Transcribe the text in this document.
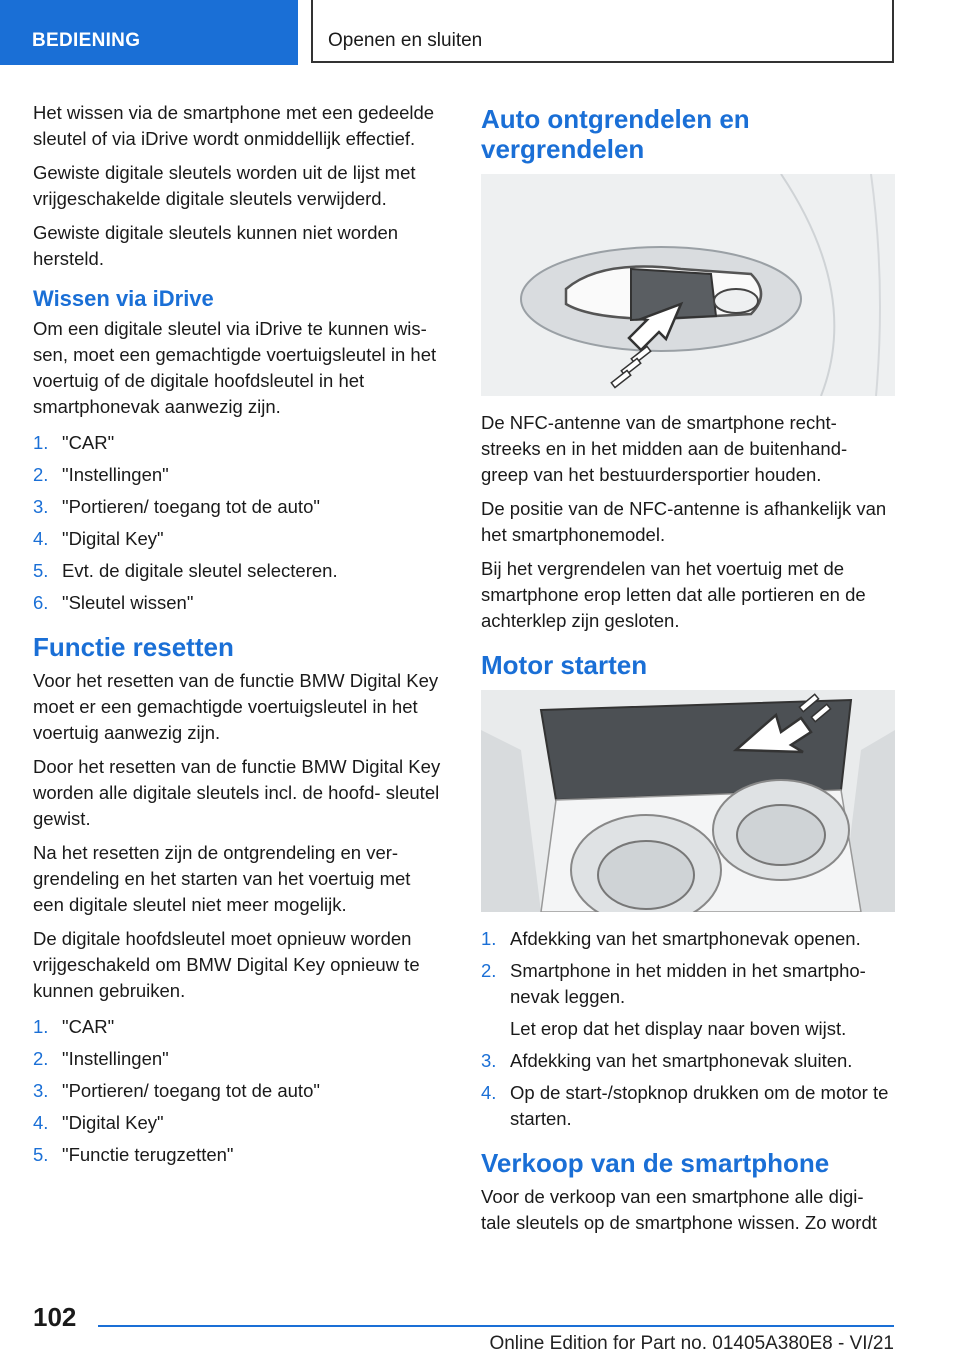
BEDIENING	Openen en sluiten

Het wissen via de smartphone met een gedeelde sleutel of via iDrive wordt onmiddellijk effectief.

Gewiste digitale sleutels worden uit de lijst met vrijgeschakelde digitale sleutels verwijderd.

Gewiste digitale sleutels kunnen niet worden hersteld.

Wissen via iDrive

Om een digitale sleutel via iDrive te kunnen wis- sen, moet een gemachtigde voertuigsleutel in het voertuig of de digitale hoofdsleutel in het smartphonevak aanwezig zijn.

1. "CAR"
2. "Instellingen"
3. "Portieren/ toegang tot de auto"
4. "Digital Key"
5. Evt. de digitale sleutel selecteren.
6. "Sleutel wissen"
Functie resetten

Voor het resetten van de functie BMW Digital Key moet er een gemachtigde voertuigsleutel in het voertuig aanwezig zijn.

Door het resetten van de functie BMW Digital Key worden alle digitale sleutels incl. de hoofd- sleutel gewist.

Na het resetten zijn de ontgrendeling en ver- grendeling en het starten van het voertuig met een digitale sleutel niet meer mogelijk.

De digitale hoofdsleutel moet opnieuw worden vrijgeschakeld om BMW Digital Key opnieuw te kunnen gebruiken.

1. "CAR"
2. "Instellingen"
3. "Portieren/ toegang tot de auto"
4. "Digital Key"
5. "Functie terugzetten"
Auto ontgrendelen en vergrendelen

De NFC-antenne van de smartphone recht- streeks en in het midden aan de buitenhand- greep van het bestuurdersportier houden.

De positie van de NFC-antenne is afhankelijk van het smartphonemodel.

Bij het vergrendelen van het voertuig met de smartphone erop letten dat alle portieren en de achterklep zijn gesloten.

Motor starten
1. Afdekking van het smartphonevak openen.
2. Smartphone in het midden in het smartpho- nevak leggen.
Let erop dat het display naar boven wijst.
3. Afdekking van het smartphonevak sluiten.
4. Op de start-/stopknop drukken om de motor te starten.
Verkoop van de smartphone

Voor de verkoop van een smartphone alle digi- tale sleutels op de smartphone wissen. Zo wordt

102
Online Edition for Part no. 01405A380E8 - VI/21
